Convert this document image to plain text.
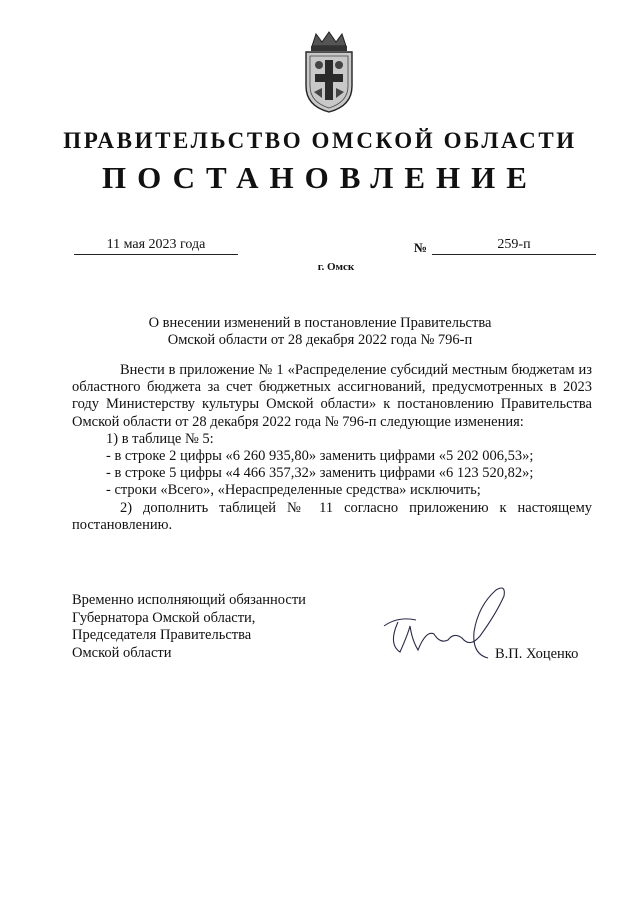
ПРАВИТЕЛЬСТВО ОМСКОЙ ОБЛАСТИ
ПОСТАНОВЛЕНИЕ
11 мая 2023 года	№	259-п
г. Омск
О внесении изменений в постановление Правительства
Омской области от 28 декабря 2022 года № 796-п

Внести в приложение № 1 «Распределение субсидий местным бюджетам из областного бюджета за счет бюджетных ассигнований, предусмотренных в 2023 году Министерству культуры Омской области» к постановлению Правительства Омской области от 28 декабря 2022 года № 796-п следующие изменения:

1) в таблице № 5:

- в строке 2 цифры «6 260 935,80» заменить цифрами «5 202 006,53»;

- в строке 5 цифры «4 466 357,32» заменить цифрами «6 123 520,82»;

- строки «Всего», «Нераспределенные средства» исключить;

2) дополнить таблицей № 11 согласно приложению к настоящему постановлению.

Временно исполняющий обязанности
Губернатора Омской области,
Председателя Правительства
Омской области	В.П. Хоценко
